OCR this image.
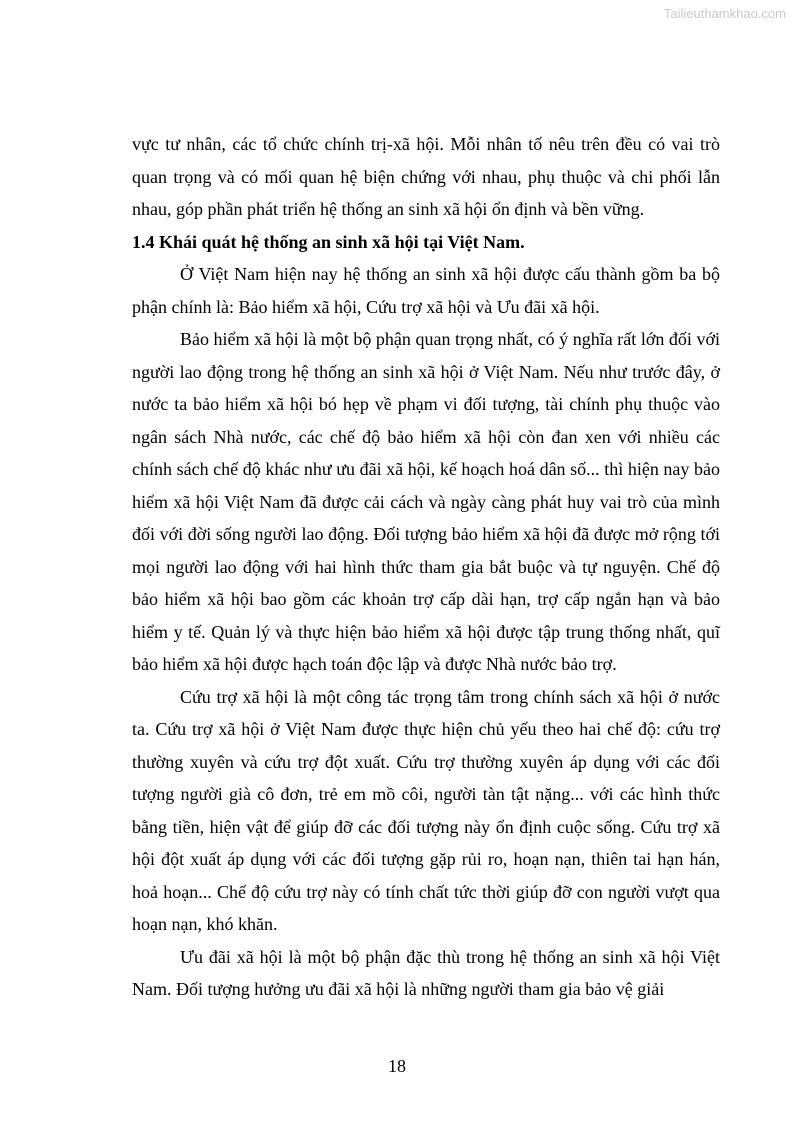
Tailieuthamkhao.com

vực tư nhân, các tổ chức chính trị-xã hội. Mỗi nhân tố nêu trên đều có vai trò quan trọng và có mối quan hệ biện chứng với nhau, phụ thuộc và chi phối lẫn nhau, góp phần phát triển hệ thống an sinh xã hội ổn định và bền vững.

1.4 Khái quát hệ thống an sinh xã hội tại Việt Nam.

Ở Việt Nam hiện nay hệ thống an sinh xã hội được cấu thành gồm ba bộ phận chính là: Bảo hiểm xã hội, Cứu trợ xã hội và Ưu đãi xã hội.

Bảo hiểm xã hội là một bộ phận quan trọng nhất, có ý nghĩa rất lớn đối với người lao động trong hệ thống an sinh xã hội ở Việt Nam. Nếu như trước đây, ở nước ta bảo hiểm xã hội bó hẹp về phạm vi đối tượng, tài chính phụ thuộc vào ngân sách Nhà nước, các chế độ bảo hiểm xã hội còn đan xen với nhiều các chính sách chế độ khác như ưu đãi xã hội, kế hoạch hoá dân số... thì hiện nay bảo hiểm xã hội Việt Nam đã được cải cách và ngày càng phát huy vai trò của mình đối với đời sống người lao động. Đối tượng bảo hiểm xã hội đã được mở rộng tới mọi người lao động với hai hình thức tham gia bắt buộc và tự nguyện. Chế độ bảo hiểm xã hội bao gồm các khoản trợ cấp dài hạn, trợ cấp ngắn hạn và bảo hiểm y tế. Quản lý và thực hiện bảo hiểm xã hội được tập trung thống nhất, quĩ bảo hiểm xã hội được hạch toán độc lập và được Nhà nước bảo trợ.

Cứu trợ xã hội là một công tác trọng tâm trong chính sách xã hội ở nước ta. Cứu trợ xã hội ở Việt Nam được thực hiện chủ yếu theo hai chế độ: cứu trợ thường xuyên và cứu trợ đột xuất. Cứu trợ thường xuyên áp dụng với các đối tượng người già cô đơn, trẻ em mồ côi, người tàn tật nặng... với các hình thức bằng tiền, hiện vật để giúp đỡ các đối tượng này ổn định cuộc sống. Cứu trợ xã hội đột xuất áp dụng với các đối tượng gặp rủi ro, hoạn nạn, thiên tai hạn hán, hoả hoạn... Chế độ cứu trợ này có tính chất tức thời giúp đỡ con người vượt qua hoạn nạn, khó khăn.

Ưu đãi xã hội là một bộ phận đặc thù trong hệ thống an sinh xã hội Việt Nam. Đối tượng hưởng ưu đãi xã hội là những người tham gia bảo vệ giải

18
